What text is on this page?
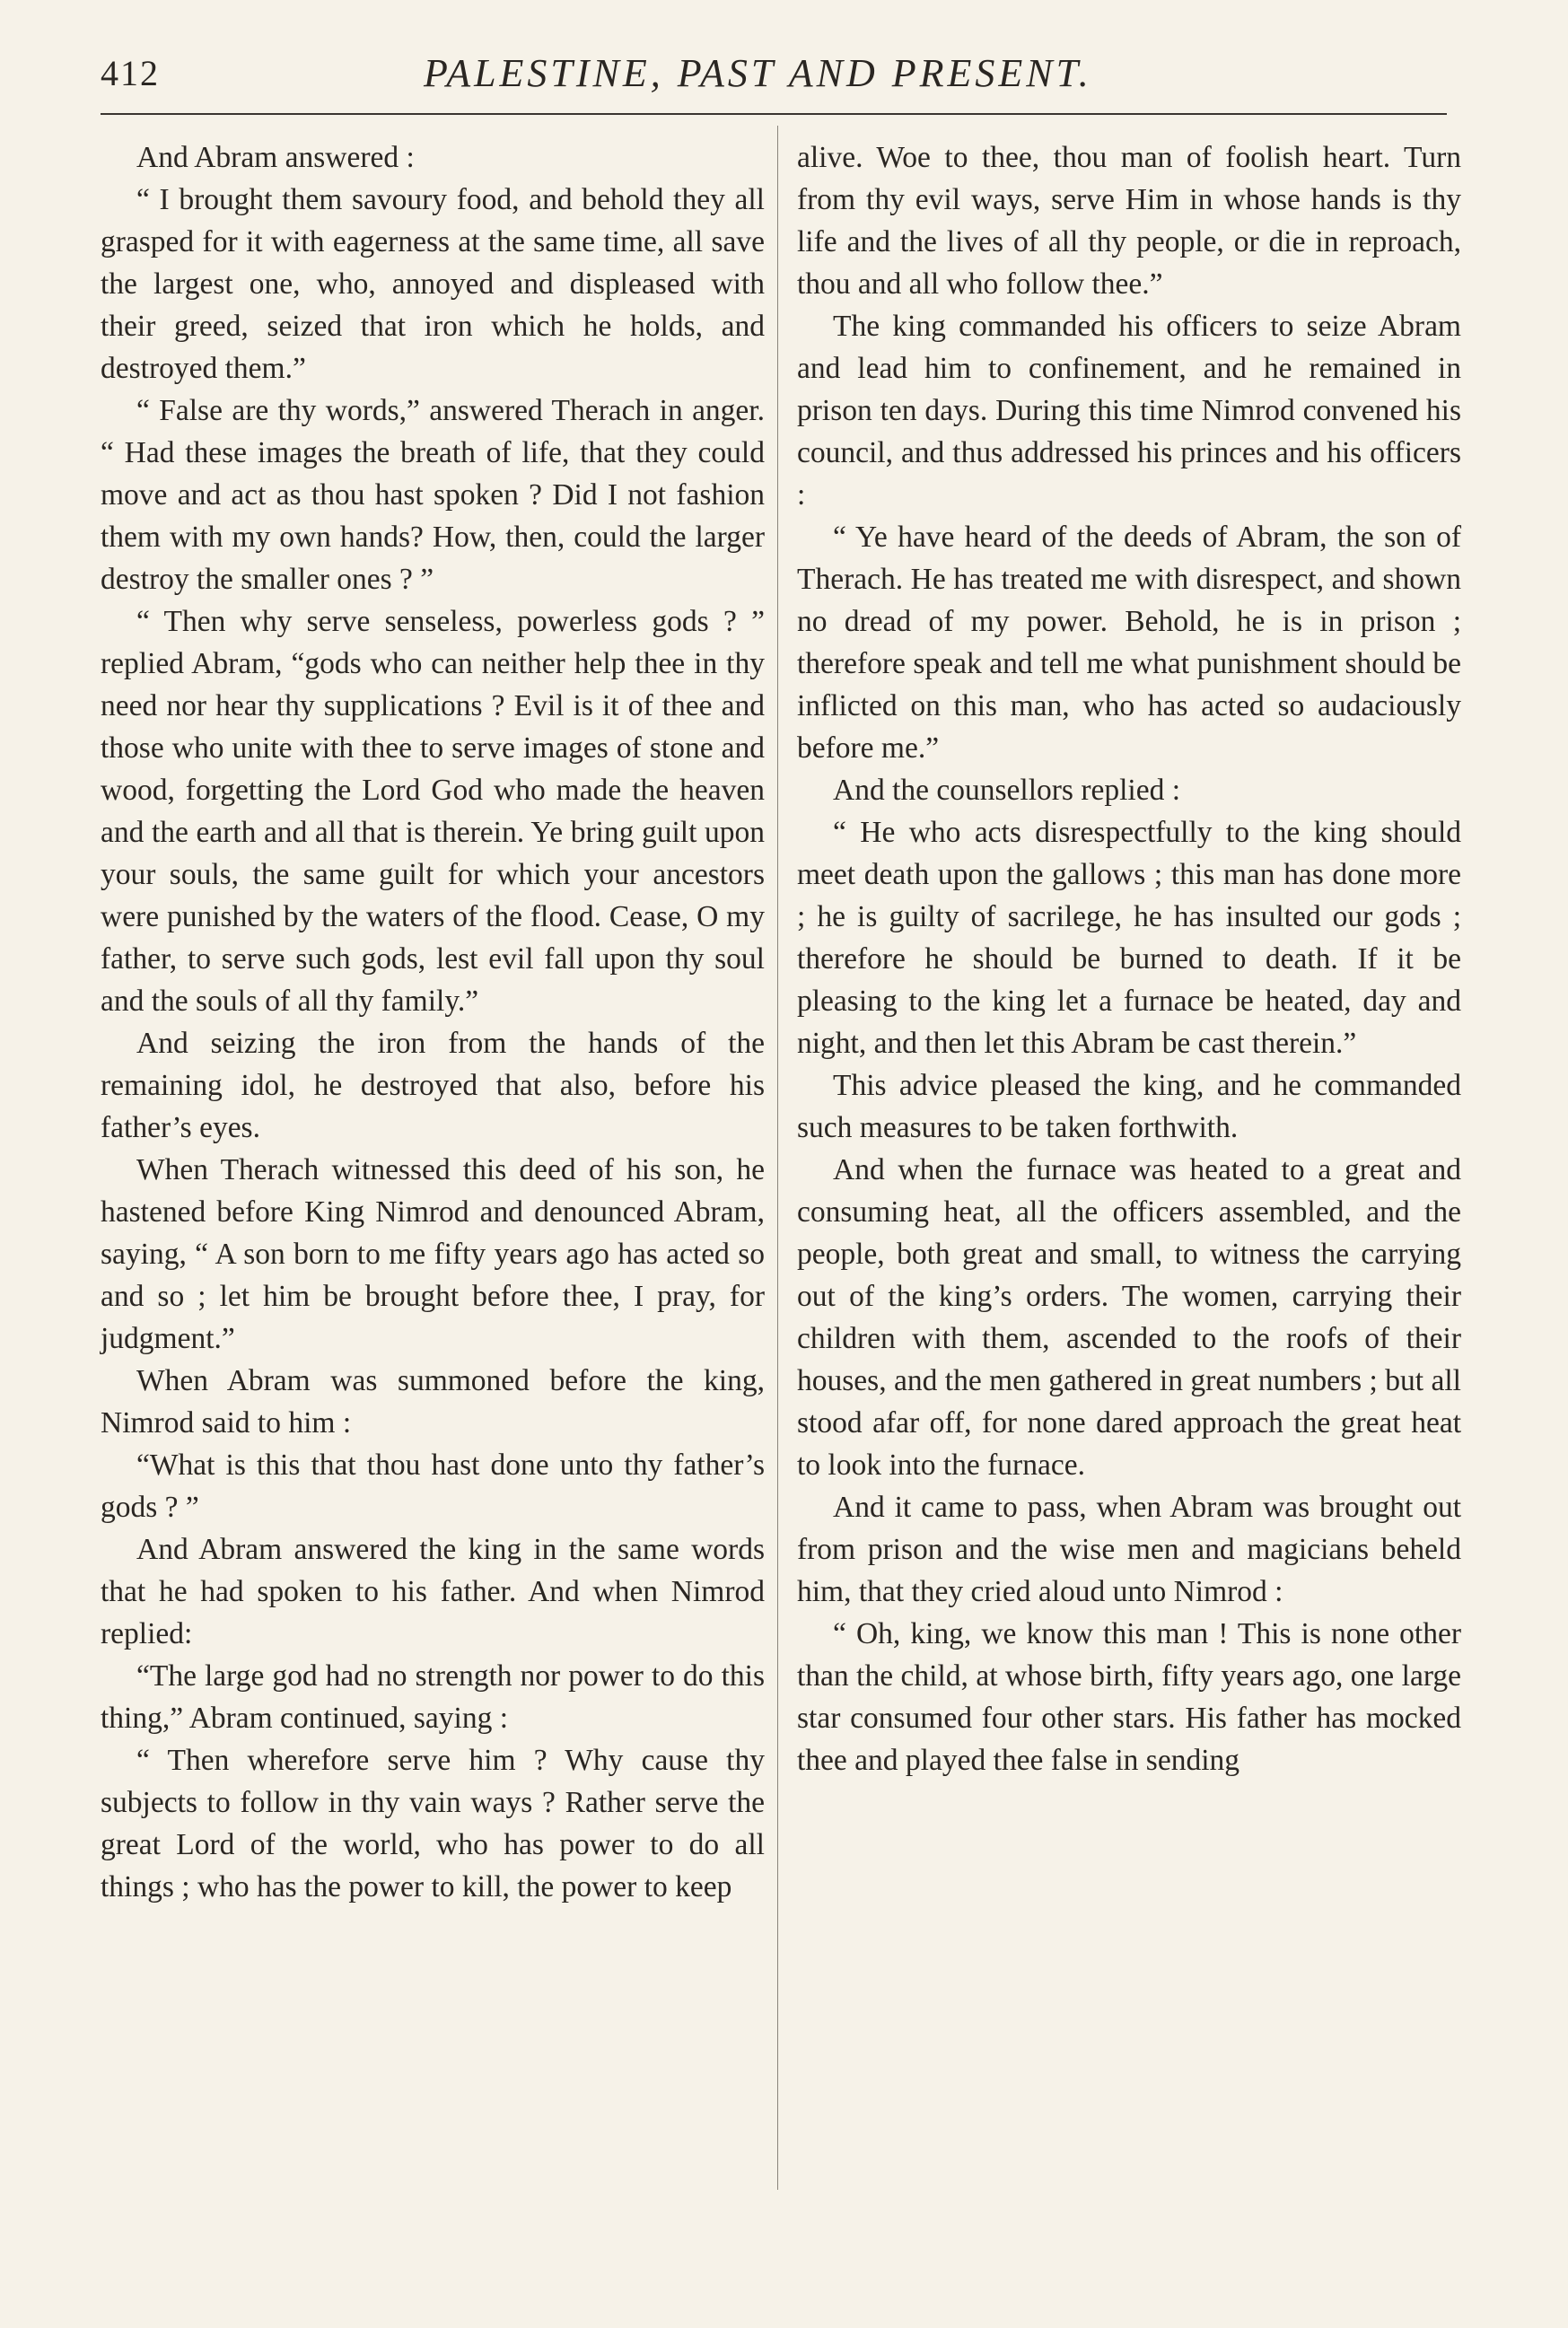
412	PALESTINE, PAST AND PRESENT.

And Abram answered :

“ I brought them savoury food, and behold they all grasped for it with eagerness at the same time, all save the largest one, who, annoyed and displeased with their greed, seized that iron which he holds, and destroyed them.”

“ False are thy words,” answered Therach in anger. “ Had these images the breath of life, that they could move and act as thou hast spoken ? Did I not fashion them with my own hands? How, then, could the larger destroy the smaller ones ? ”

“ Then why serve senseless, powerless gods ? ” replied Abram, “gods who can neither help thee in thy need nor hear thy supplications ? Evil is it of thee and those who unite with thee to serve images of stone and wood, forgetting the Lord God who made the heaven and the earth and all that is therein. Ye bring guilt upon your souls, the same guilt for which your ancestors were punished by the waters of the flood. Cease, O my father, to serve such gods, lest evil fall upon thy soul and the souls of all thy family.”

And seizing the iron from the hands of the remaining idol, he destroyed that also, before his father’s eyes.

When Therach witnessed this deed of his son, he hastened before King Nimrod and denounced Abram, saying, “ A son born to me fifty years ago has acted so and so ; let him be brought before thee, I pray, for judgment.”

When Abram was summoned before the king, Nimrod said to him :

“What is this that thou hast done unto thy father’s gods ? ”

And Abram answered the king in the same words that he had spoken to his father. And when Nimrod replied:

“The large god had no strength nor power to do this thing,” Abram continued, saying :

“ Then wherefore serve him ? Why cause thy subjects to follow in thy vain ways ? Rather serve the great Lord of the world, who has power to do all things ; who has the power to kill, the power to keep

alive. Woe to thee, thou man of foolish heart. Turn from thy evil ways, serve Him in whose hands is thy life and the lives of all thy people, or die in reproach, thou and all who follow thee.”

The king commanded his officers to seize Abram and lead him to confinement, and he remained in prison ten days. During this time Nimrod convened his council, and thus addressed his princes and his officers :

“ Ye have heard of the deeds of Abram, the son of Therach. He has treated me with disrespect, and shown no dread of my power. Behold, he is in prison ; therefore speak and tell me what punishment should be inflicted on this man, who has acted so audaciously before me.”

And the counsellors replied :

“ He who acts disrespectfully to the king should meet death upon the gallows ; this man has done more ; he is guilty of sacrilege, he has insulted our gods ; therefore he should be burned to death. If it be pleasing to the king let a furnace be heated, day and night, and then let this Abram be cast therein.”

This advice pleased the king, and he commanded such measures to be taken forthwith.

And when the furnace was heated to a great and consuming heat, all the officers assembled, and the people, both great and small, to witness the carrying out of the king’s orders. The women, carrying their children with them, ascended to the roofs of their houses, and the men gathered in great numbers ; but all stood afar off, for none dared approach the great heat to look into the furnace.

And it came to pass, when Abram was brought out from prison and the wise men and magicians beheld him, that they cried aloud unto Nimrod :

“ Oh, king, we know this man ! This is none other than the child, at whose birth, fifty years ago, one large star consumed four other stars. His father has mocked thee and played thee false in sending
